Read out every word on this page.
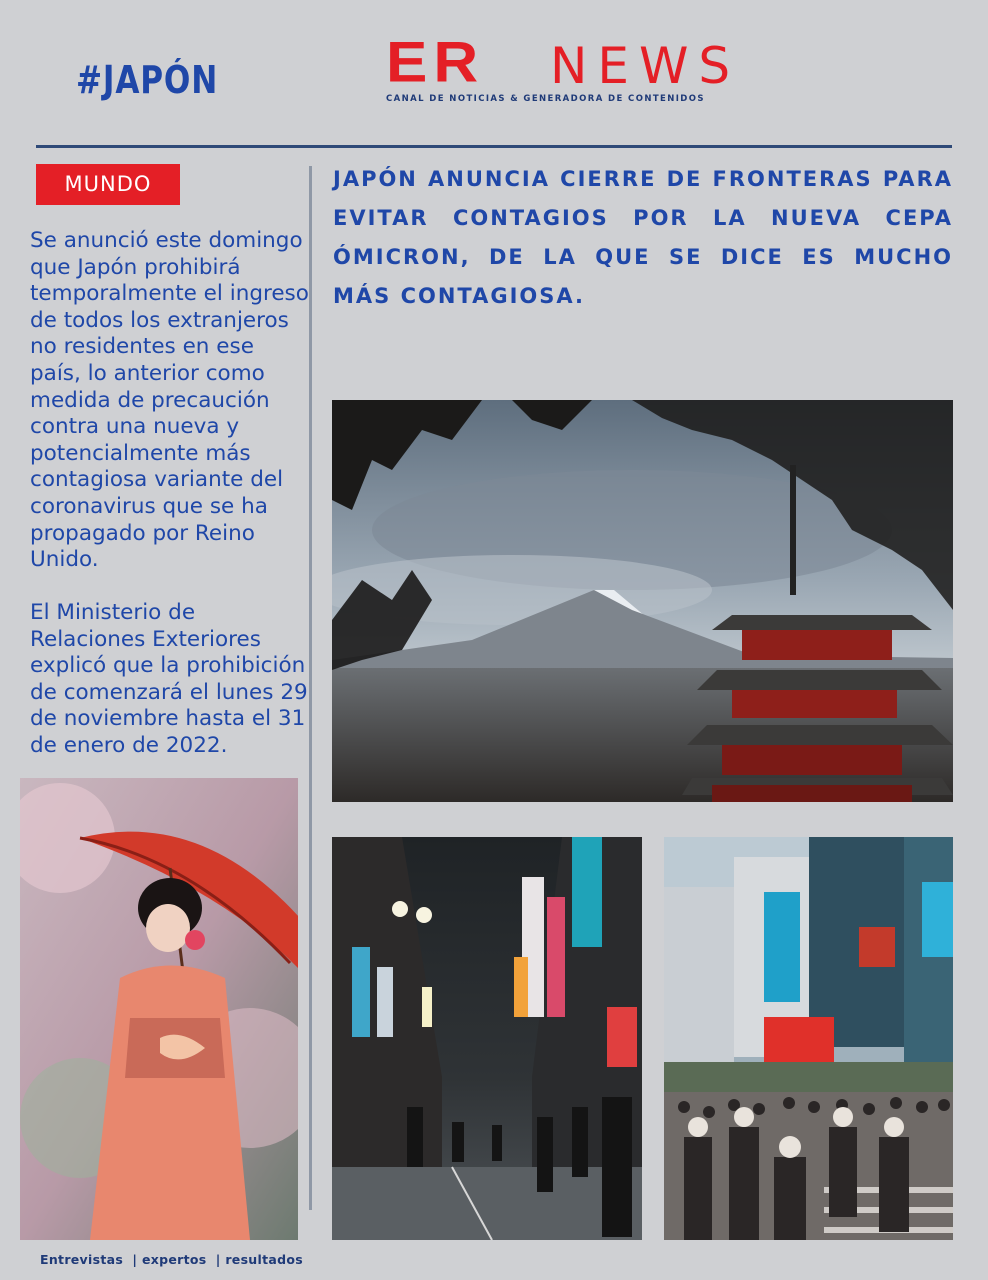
#JAPÓN	ER NEWS
CANAL DE NOTICIAS & GENERADORA DE CONTENIDOS
MUNDO
Se anunció este domingo que Japón prohibirá temporalmente el ingreso de todos los extranjeros no residentes en ese país, lo anterior como medida de precaución contra una nueva y potencialmente más contagiosa variante del coronavirus que se ha propagado por Reino Unido.
El Ministerio de Relaciones Exteriores explicó que la prohibición de comenzará el lunes 29 de noviembre hasta el 31 de enero de 2022.
JAPÓN ANUNCIA CIERRE DE FRONTERAS PARA EVITAR CONTAGIOS POR LA NUEVA CEPA ÓMICRON, DE LA QUE SE DICE ES MUCHO MÁS CONTAGIOSA.
Entrevistas | expertos | resultados
